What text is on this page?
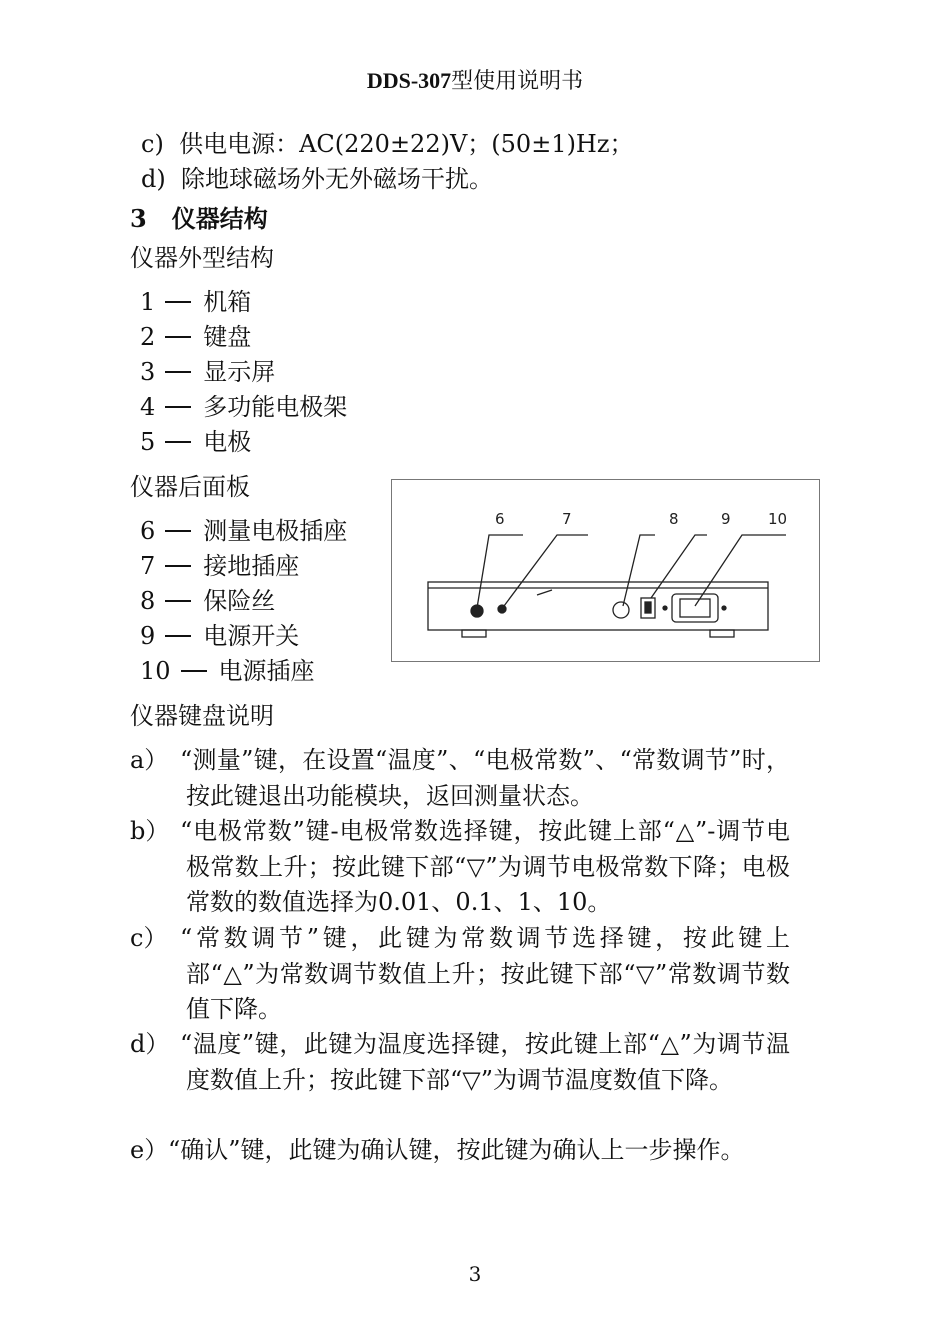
DDS-307型使用说明书
c) 供电电源：AC(220±22)V；(50±1)Hz；
d) 除地球磁场外无外磁场干扰。
3 仪器结构
仪器外型结构
1 机箱
2 键盘
3 显示屏
4 多功能电极架
5 电极
仪器后面板
6 测量电极插座
7 接地插座
8 保险丝
9 电源开关
10 电源插座
6	7	8	9 10
仪器键盘说明
a） “测量”键，在设置“温度”、“电极常数”、“常数调节”时，按此键退出功能模块，返回测量状态。
b） “电极常数”键-电极常数选择键，按此键上部“△”-调节电极常数上升；按此键下部“▽”为调节电极常数下降；电极常数的数值选择为0.01、0.1、1、10。
c） “常数调节”键，此键为常数调节选择键，按此键上部“△”为常数调节数值上升；按此键下部“▽”常数调节数值下降。
d） “温度”键，此键为温度选择键，按此键上部“△”为调节温度数值上升；按此键下部“▽”为调节温度数值下降。
e） “确认”键，此键为确认键，按此键为确认上一步操作。
3
